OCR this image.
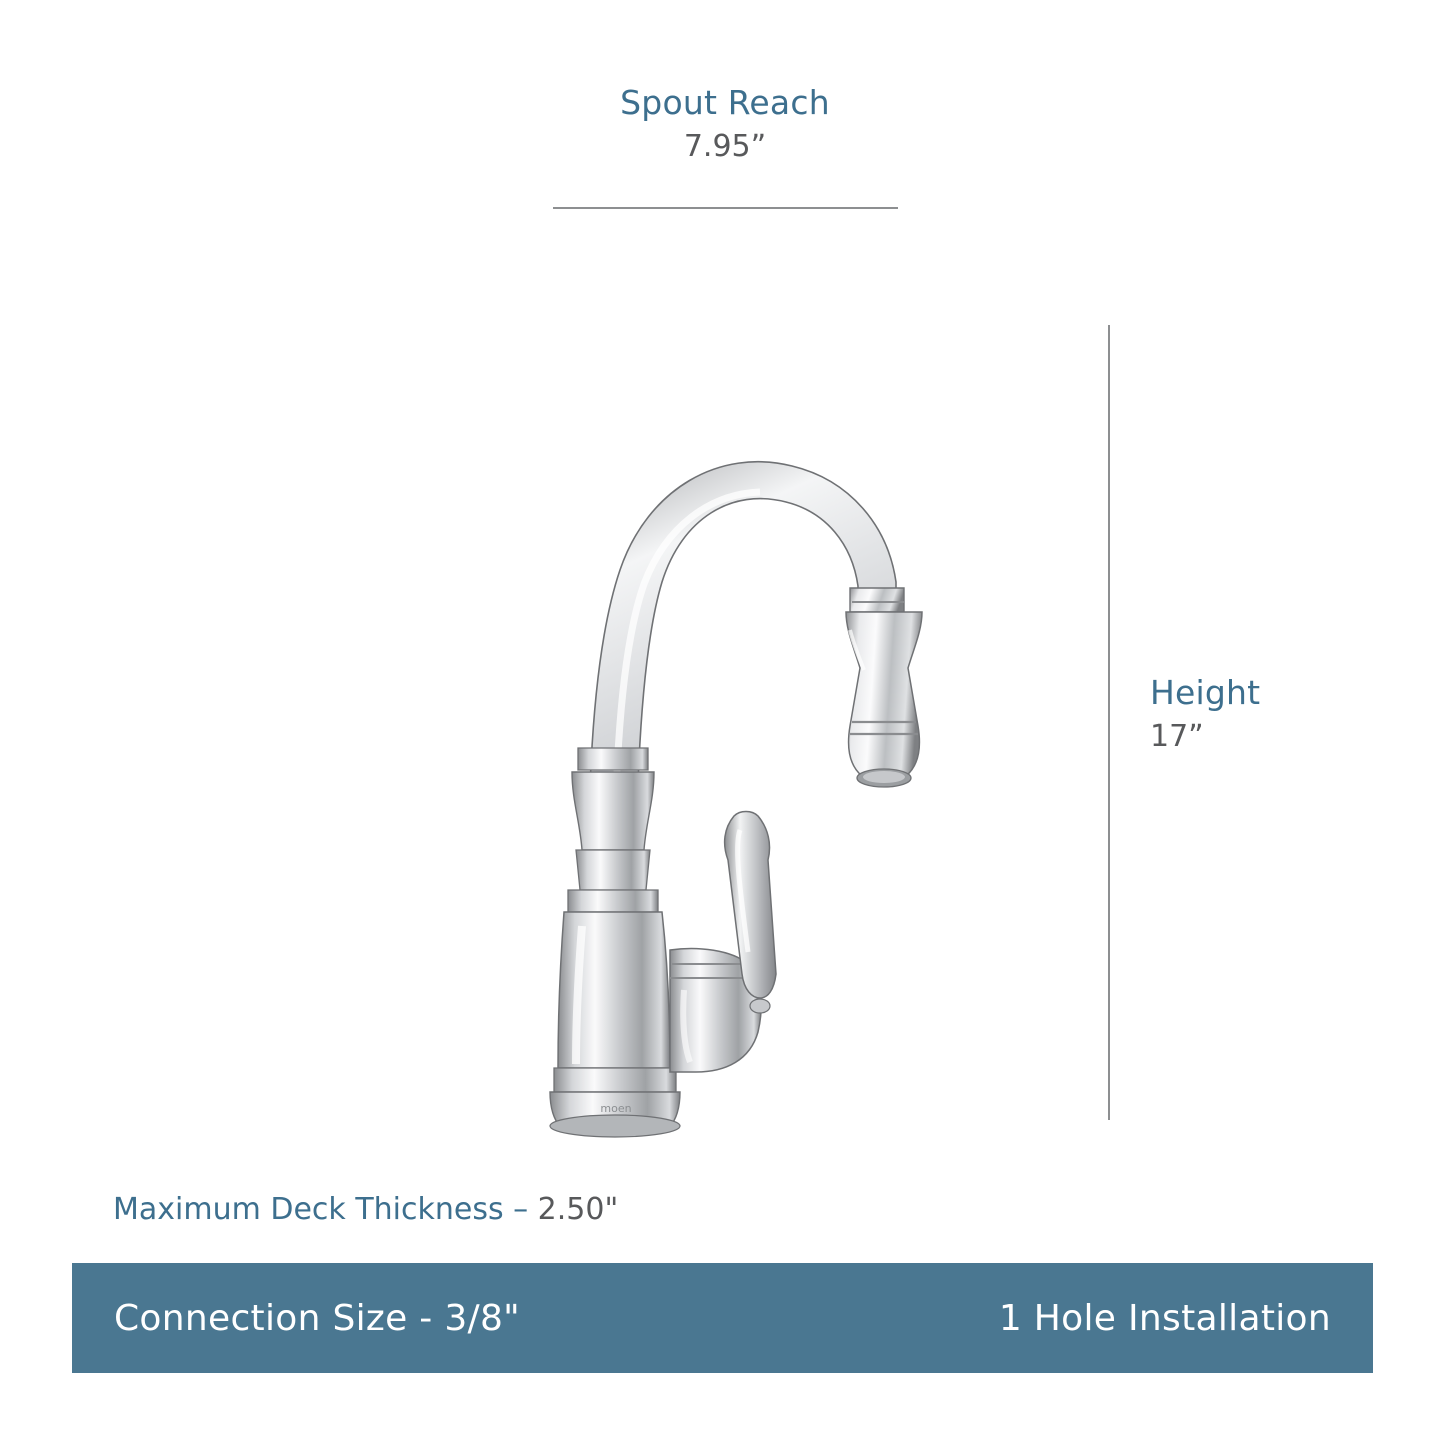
Spout Reach
7.95”
Height
17”
moen
Maximum Deck Thickness – 2.50"
Connection Size - 3/8"	1 Hole Installation
